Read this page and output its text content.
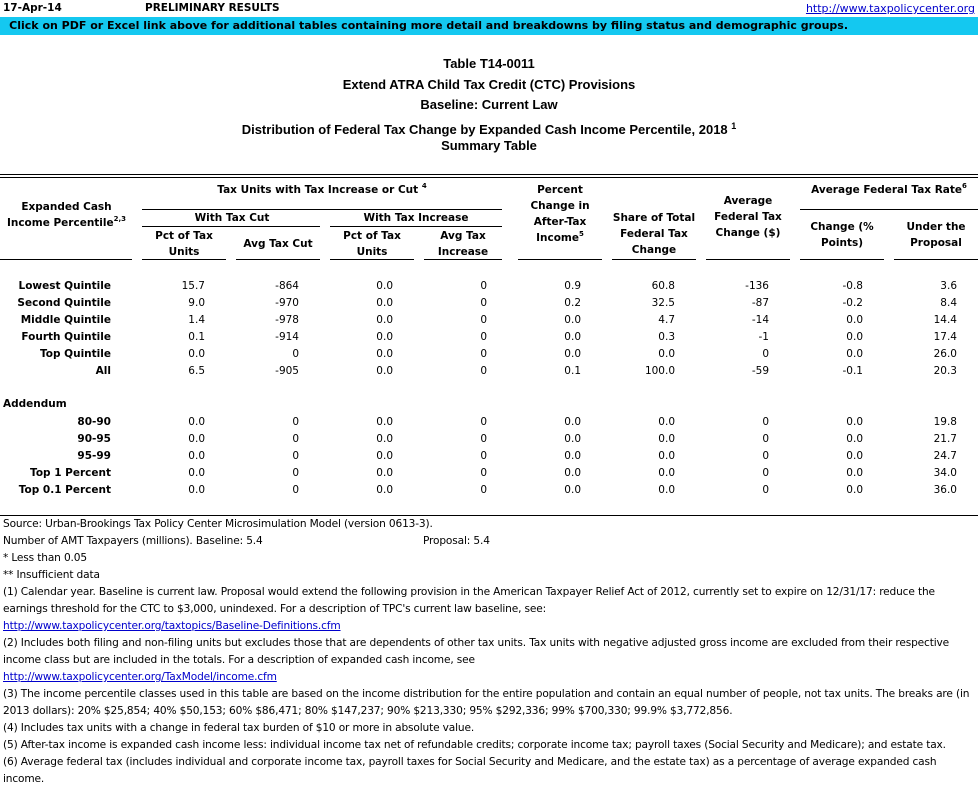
17-Apr-14	PRELIMINARY RESULTS	http://www.taxpolicycenter.org
Click on PDF or Excel link above for additional tables containing more detail and breakdowns by filing status and demographic groups.
Table T14-0011
Extend ATRA Child Tax Credit (CTC) Provisions
Baseline: Current Law
Distribution of Federal Tax Change by Expanded Cash Income Percentile, 2018 $^1$
Summary Table
Expanded Cash Income Percentile$^{2,3}$
Tax Units with Tax Increase or Cut $^4$
With Tax Cut	With Tax Increase
Pct of Tax Units
Avg Tax Cut
Pct of Tax Units
Avg Tax Increase
Percent Change in After-Tax Income$^5$
Share of Total Federal Tax Change
Average Federal Tax Change ($)
Average Federal Tax Rate$^6$
Change (% Points)
Under the Proposal
Lowest Quintile	15.7	-864	0.0	0	0.9	60.8	-136	-0.8	3.6
Second Quintile	9.0	-970	0.0	0	0.2	32.5	-87	-0.2	8.4
Middle Quintile	1.4	-978	0.0	0	0.0	4.7	-14	0.0	14.4
Fourth Quintile	0.1	-914	0.0	0	0.0	0.3	-1	0.0	17.4
Top Quintile	0.0	0	0.0	0	0.0	0.0	0	0.0	26.0
All	6.5	-905	0.0	0	0.1	100.0	-59	-0.1	20.3
80-90	0.0	0	0.0	0	0.0	0.0	0	0.0	19.8
90-95	0.0	0	0.0	0	0.0	0.0	0	0.0	21.7
95-99	0.0	0	0.0	0	0.0	0.0	0	0.0	24.7
Top 1 Percent	0.0	0	0.0	0	0.0	0.0	0	0.0	34.0
Top 0.1 Percent	0.0	0	0.0	0	0.0	0.0	0	0.0	36.0
Addendum
Source: Urban-Brookings Tax Policy Center Microsimulation Model (version 0613-3).
Number of AMT Taxpayers (millions). Baseline: 5.4	Proposal: 5.4
* Less than 0.05
** Insufficient data
(1) Calendar year. Baseline is current law. Proposal would extend the following provision in the American Taxpayer Relief Act of 2012, currently set to expire on 12/31/17: reduce the earnings threshold for the CTC to $3,000, unindexed. For a description of TPC's current law baseline, see:
http://www.taxpolicycenter.org/taxtopics/Baseline-Definitions.cfm
(2) Includes both filing and non-filing units but excludes those that are dependents of other tax units. Tax units with negative adjusted gross income are excluded from their respective income class but are included in the totals. For a description of expanded cash income, see
http://www.taxpolicycenter.org/TaxModel/income.cfm
(3) The income percentile classes used in this table are based on the income distribution for the entire population and contain an equal number of people, not tax units. The breaks are (in 2013 dollars): 20% $25,854; 40% $50,153; 60% $86,471; 80% $147,237; 90% $213,330; 95% $292,336; 99% $700,330; 99.9% $3,772,856.
(4) Includes tax units with a change in federal tax burden of $10 or more in absolute value.
(5) After-tax income is expanded cash income less: individual income tax net of refundable credits; corporate income tax; payroll taxes (Social Security and Medicare); and estate tax.
(6) Average federal tax (includes individual and corporate income tax, payroll taxes for Social Security and Medicare, and the estate tax) as a percentage of average expanded cash income.
